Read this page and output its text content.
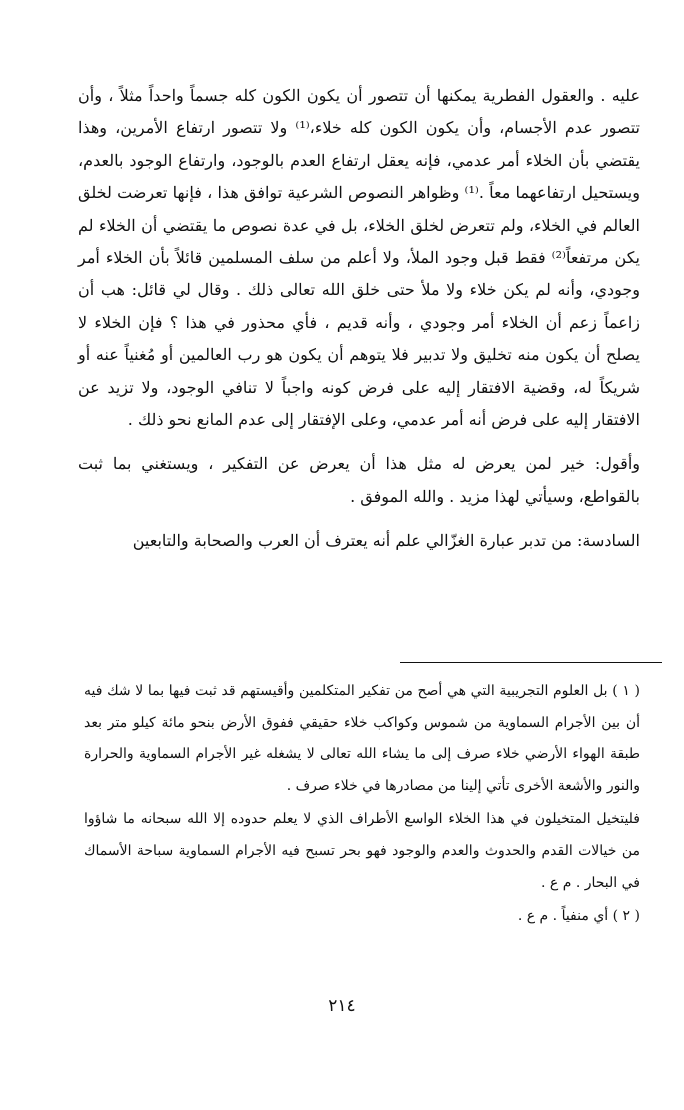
عليه . والعقول الفطرية يمكنها أن تتصور أن يكون الكون كله جسماً واحداً مثلاً ، وأن تتصور عدم الأجسام، وأن يكون الكون كله خلاء،⁽¹⁾ ولا تتصور ارتفاع الأمرين، وهذا يقتضي بأن الخلاء أمر عدمي، فإنه يعقل ارتفاع العدم بالوجود، وارتفاع الوجود بالعدم، ويستحيل ارتفاعهما معاً .⁽¹⁾ وظواهر النصوص الشرعية توافق هذا ، فإنها تعرضت لخلق العالم في الخلاء، ولم تتعرض لخلق الخلاء، بل في عدة نصوص ما يقتضي أن الخلاء لم يكن مرتفعاً⁽²⁾ فقط قبل وجود الملأ، ولا أعلم من سلف المسلمين قائلاً بأن الخلاء أمر وجودي، وأنه لم يكن خلاء ولا ملأ حتى خلق الله تعالى ذلك . وقال لي قائل: هب أن زاعماً زعم أن الخلاء أمر وجودي ، وأنه قديم ، فأي محذور في هذا ؟ فإن الخلاء لا يصلح أن يكون منه تخليق ولا تدبير فلا يتوهم أن يكون هو رب العالمين أو مُغنياً عنه أو شريكاً له، وقضية الافتقار إليه على فرض كونه واجباً لا تنافي الوجود، ولا تزيد عن الافتقار إليه على فرض أنه أمر عدمي، وعلى الإفتقار إلى عدم المانع نحو ذلك .

وأقول: خير لمن يعرض له مثل هذا أن يعرض عن التفكير ، ويستغني بما ثبت بالقواطع، وسيأتي لهذا مزيد . والله الموفق .

السادسة: من تدبر عبارة الغزّالي علم أنه يعترف أن العرب والصحابة والتابعين

( ١ ) بل العلوم التجريبية التي هي أصح من تفكير المتكلمين وأقيستهم قد ثبت فيها بما لا شك فيه أن بين الأجرام السماوية من شموس وكواكب خلاء حقيقي ففوق الأرض بنحو مائة كيلو متر بعد طبقة الهواء الأرضي خلاء صرف إلى ما يشاء الله تعالى لا يشغله غير الأجرام السماوية والحرارة والنور والأشعة الأخرى تأتي إلينا من مصادرها في خلاء صرف .

فليتخيل المتخيلون في هذا الخلاء الواسع الأطراف الذي لا يعلم حدوده إلا الله سبحانه ما شاؤوا من خيالات القدم والحدوث والعدم والوجود فهو بحر تسبح فيه الأجرام السماوية سباحة الأسماك في البحار . م ع .

( ٢ ) أي منفياً . م ع .

٢١٤
